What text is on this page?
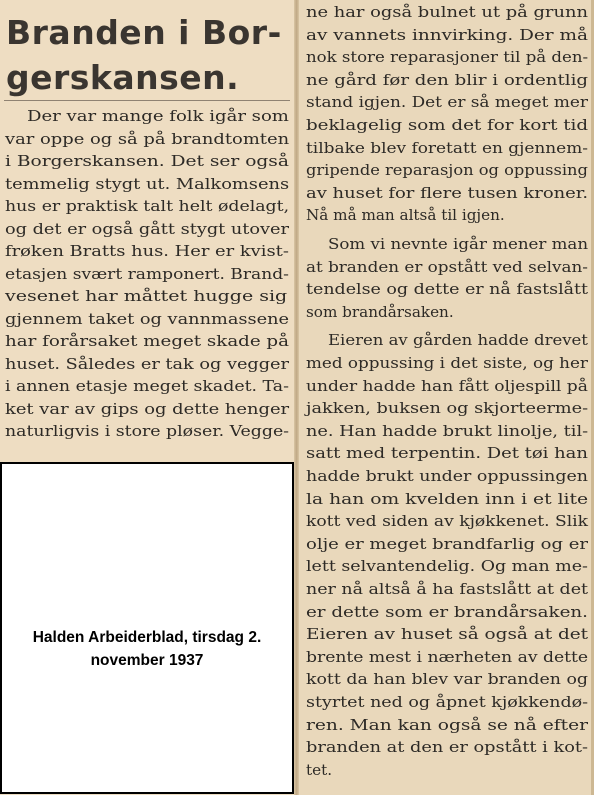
Branden i Bor-
gerskansen.
Der var mange folk igår som
var oppe og så på brandtomten
i Borgerskansen. Det ser også
temmelig stygt ut. Malkomsens
hus er praktisk talt helt ødelagt,
og det er også gått stygt utover
frøken Bratts hus. Her er kvist-
etasjen svært ramponert. Brand-
vesenet har måttet hugge sig
gjennem taket og vannmassene
har forårsaket meget skade på
huset. Således er tak og vegger
i annen etasje meget skadet. Ta-
ket var av gips og dette henger
naturligvis i store pløser. Vegge-
ne har også bulnet ut på grunn
av vannets innvirking. Der må
nok store reparasjoner til på den-
ne gård før den blir i ordentlig
stand igjen. Det er så meget mer
beklagelig som det for kort tid
tilbake blev foretatt en gjennem-
gripende reparasjon og oppussing
av huset for flere tusen kroner.
Nå må man altså til igjen.
Som vi nevnte igår mener man
at branden er opstått ved selvan-
tendelse og dette er nå fastslått
som brandårsaken.
Eieren av gården hadde drevet
med oppussing i det siste, og her
under hadde han fått oljespill på
jakken, buksen og skjorteerme-
ne. Han hadde brukt linolje, til-
satt med terpentin. Det tøi han
hadde brukt under oppussingen
la han om kvelden inn i et lite
kott ved siden av kjøkkenet. Slik
olje er meget brandfarlig og er
lett selvantendelig. Og man me-
ner nå altså å ha fastslått at det
er dette som er brandårsaken.
Eieren av huset så også at det
brente mest i nærheten av dette
kott da han blev var branden og
styrtet ned og åpnet kjøkkendø-
ren. Man kan også se nå efter
branden at den er opstått i kot-
tet.
Halden Arbeiderblad, tirsdag 2.
november 1937
